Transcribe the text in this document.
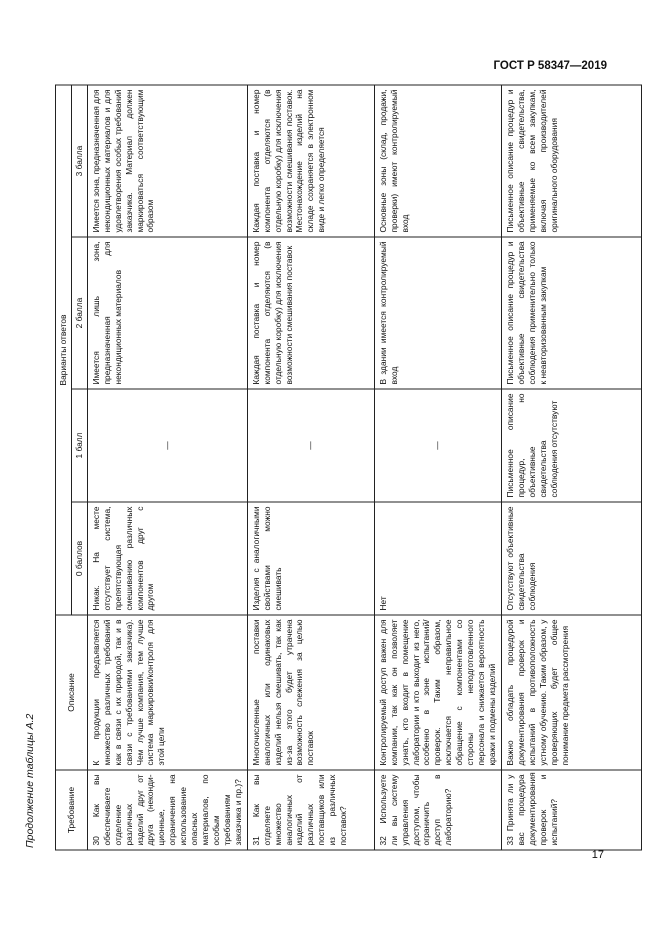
ГОСТ Р 58347—2019
Продолжение таблицы А.2	Требование	Описание	Варианты ответов			
		0 баллов	1 балл	2 балла	3 балла
30 Как вы обеспечиваете отделение различных изделий друг от друга (некондиционные, ограничения на использование опасных материалов, по особым требованиям заказчика и пр.)?	К продукции предъявляется множество различных требований как в связи с их природой, так и в связи с требованиями заказчика). Чем лучше компания, тем лучше система маркировки/контроля для этой цели	Никак. На месте отсутствует система, препятствующая смешиванию различных компонентов друг с другом	—	Имеется лишь зона, предназначенная для некондиционных материалов	Имеется зона, предназначенная для некондиционных материалов и для удовлетворения особых требований заказчика. Материал должен маркироваться соответствующим образом
31 Как вы отделяете множество аналогичных изделий от различных поставщиков или из различных поставок?	Многочисленные поставки аналогичных или одинаковых изделий нельзя смешивать, так как из-за этого будет утрачена возможность слежения за целью поставок	Изделия с аналогичными свойствами можно смешивать	—	Каждая поставка и номер компонента отделяются (в отдельную коробку) для исключения возможности смешивания поставок	Каждая поставка и номер компонента отделяются (в отдельную коробку) для исключения возможности смешивания поставок. Местонахождение изделий на складе сохраняется в электронном виде и легко определяется
32 Используете ли вы систему управления доступом, чтобы ограничить доступ в лабораторию?	Контролируемый доступ важен для компании, так как он позволяет узнать, кто входит в помещение лаборатории и кто выходит из него, особенно в зоне испытаний/проверок. Таким образом, исключается неправильное обращение с компонентами со стороны неподготовленного персонала и снижается вероятность кражи и подмены изделий	Нет	—	В здании имеется контролируемый вход	Основные зоны (склад, продажи, проверки) имеют контролируемый вход
33 Принята ли у вас процедура документирования проверок и испытаний?	Важно обладать процедурой документирования проверок и испытаний в противоположность устному обучению. Таким образом, у проверяющих будет общее понимание предмета рассмотрения	Отсутствуют объективные свидетельства соблюдения	Письменное описание процедур, но объективные свидетельства соблюдения отсутствуют	Письменное описание процедур и объективные свидетельства соблюдения применительно только к неавторизованным закупкам	Письменное описание процедур и объективные свидетельства, применяемые ко всем закупкам, включая производителей оригинального оборудования
17
